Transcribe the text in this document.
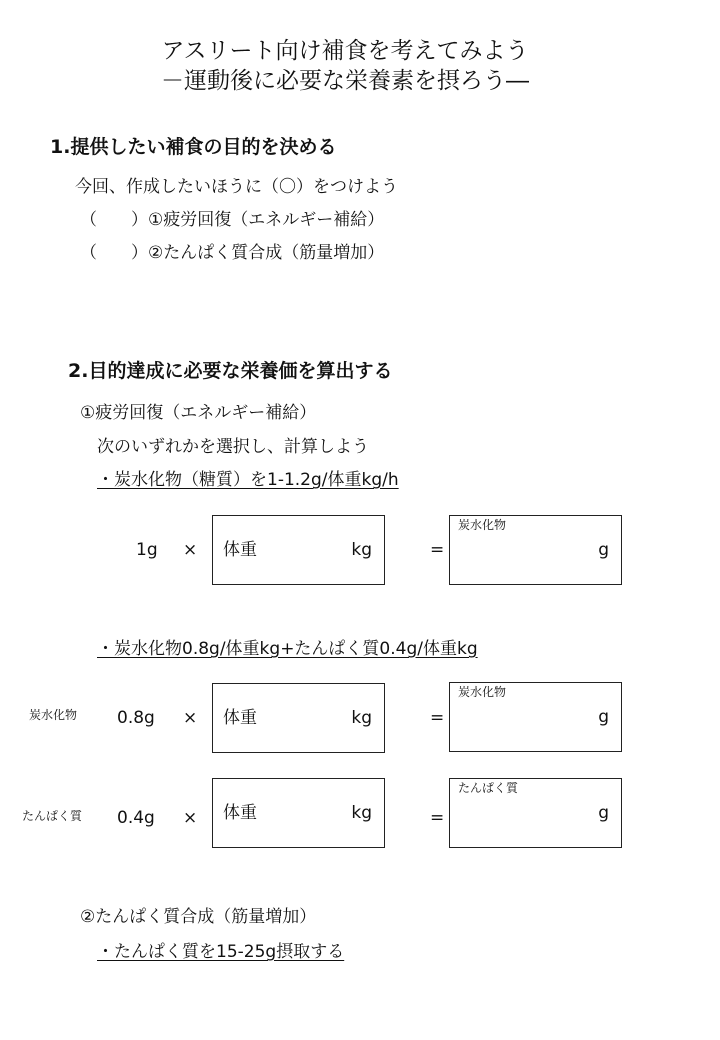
アスリート向け補食を考えてみよう
－運動後に必要な栄養素を摂ろう―
1.提供したい補食の目的を決める
今回、作成したいほうに（〇）をつけよう
（　　）①疲労回復（エネルギー補給）
（　　）②たんぱく質合成（筋量増加）
2.目的達成に必要な栄養価を算出する
①疲労回復（エネルギー補給）
次のいずれかを選択し、計算しよう
・炭水化物（糖質）を1-1.2g/体重kg/h
1g × 体重	kg	=
炭水化物
g
・炭水化物0.8g/体重kg+たんぱく質0.4g/体重kg
炭水化物 0.8g × 体重	kg	=
炭水化物
g
たんぱく質 0.4g × 体重	kg	=
たんぱく質
g
②たんぱく質合成（筋量増加）
・たんぱく質を15-25g摂取する
